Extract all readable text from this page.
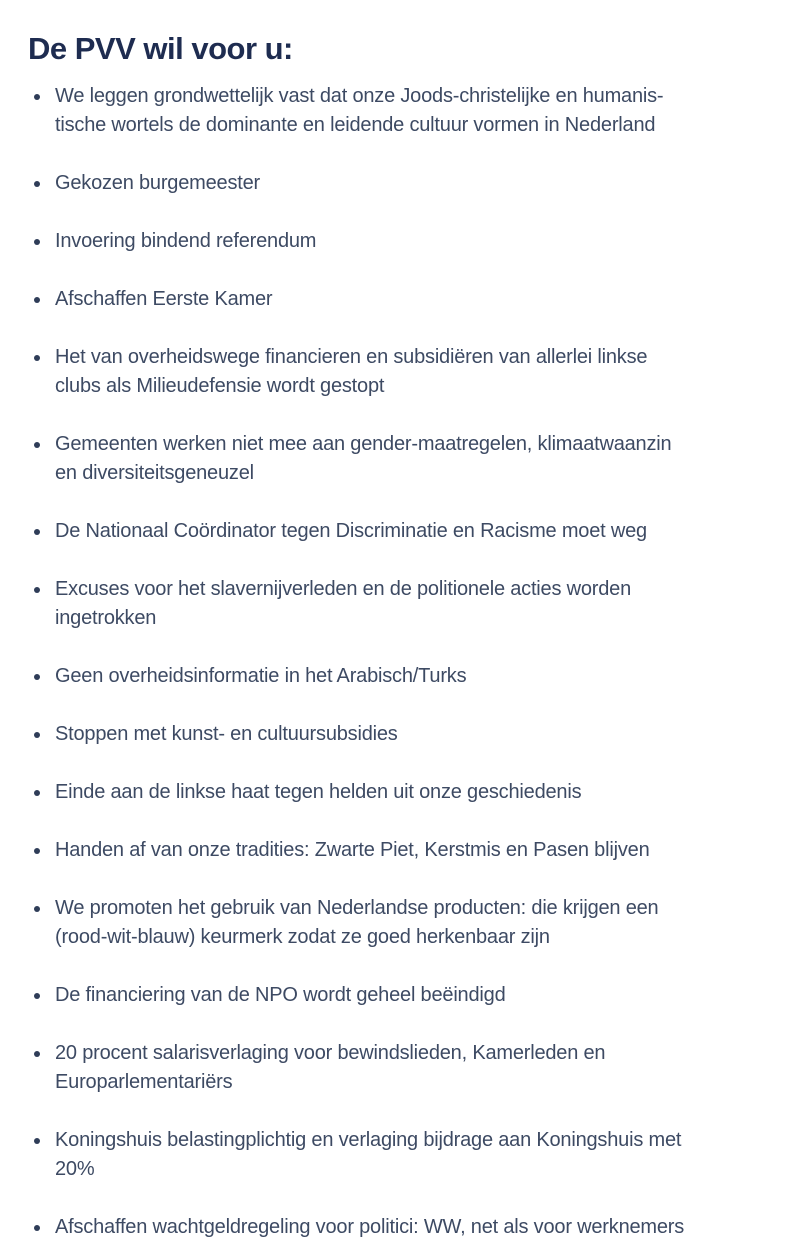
De PVV wil voor u:
We leggen grondwettelijk vast dat onze Joods-christelijke en humanis-
tische wortels de dominante en leidende cultuur vormen in Nederland
Gekozen burgemeester
Invoering bindend referendum
Afschaffen Eerste Kamer
Het van overheidswege financieren en subsidiëren van allerlei linkse
clubs als Milieudefensie wordt gestopt
Gemeenten werken niet mee aan gender-maatregelen, klimaatwaanzin
en diversiteitsgeneuzel
De Nationaal Coördinator tegen Discriminatie en Racisme moet weg
Excuses voor het slavernijverleden en de politionele acties worden
ingetrokken
Geen overheidsinformatie in het Arabisch/Turks
Stoppen met kunst- en cultuursubsidies
Einde aan de linkse haat tegen helden uit onze geschiedenis
Handen af van onze tradities: Zwarte Piet, Kerstmis en Pasen blijven
We promoten het gebruik van Nederlandse producten: die krijgen een
(rood-wit-blauw) keurmerk zodat ze goed herkenbaar zijn
De financiering van de NPO wordt geheel beëindigd
20 procent salarisverlaging voor bewindslieden, Kamerleden en
Europarlementariërs
Koningshuis belastingplichtig en verlaging bijdrage aan Koningshuis met
20%
Afschaffen wachtgeldregeling voor politici: WW, net als voor werknemers
